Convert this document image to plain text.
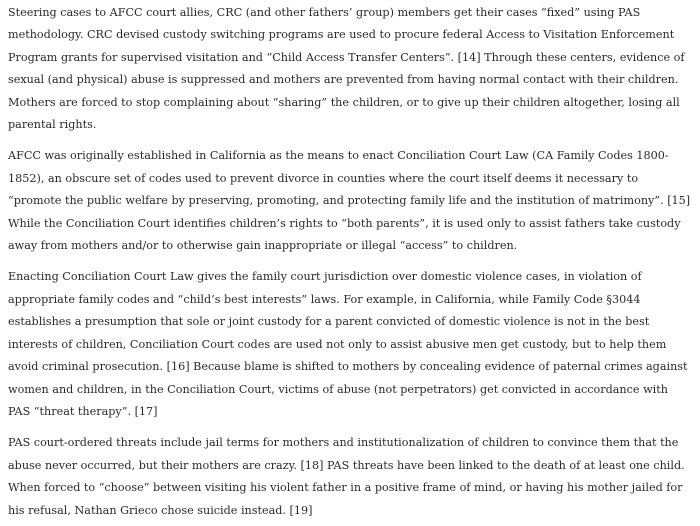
Steering cases to AFCC court allies, CRC (and other fathers’ group) members get their cases “fixed” using PAS methodology. CRC devised custody switching programs are used to procure federal Access to Visitation Enforcement Program grants for supervised visitation and “Child Access Transfer Centers”. [14] Through these centers, evidence of sexual (and physical) abuse is suppressed and mothers are prevented from having normal contact with their children. Mothers are forced to stop complaining about “sharing” the children, or to give up their children altogether, losing all parental rights.

AFCC was originally established in California as the means to enact Conciliation Court Law (CA Family Codes 1800-1852), an obscure set of codes used to prevent divorce in counties where the court itself deems it necessary to “promote the public welfare by preserving, promoting, and protecting family life and the institution of matrimony”. [15] While the Conciliation Court identifies children’s rights to “both parents”, it is used only to assist fathers take custody away from mothers and/or to otherwise gain inappropriate or illegal “access” to children.

Enacting Conciliation Court Law gives the family court jurisdiction over domestic violence cases, in violation of appropriate family codes and “child’s best interests” laws. For example, in California, while Family Code §3044 establishes a presumption that sole or joint custody for a parent convicted of domestic violence is not in the best interests of children, Conciliation Court codes are used not only to assist abusive men get custody, but to help them avoid criminal prosecution. [16] Because blame is shifted to mothers by concealing evidence of paternal crimes against women and children, in the Conciliation Court, victims of abuse (not perpetrators) get convicted in accordance with PAS “threat therapy”. [17]

PAS court-ordered threats include jail terms for mothers and institutionalization of children to convince them that the abuse never occurred, but their mothers are crazy. [18] PAS threats have been linked to the death of at least one child. When forced to “choose” between visiting his violent father in a positive frame of mind, or having his mother jailed for his refusal, Nathan Grieco chose suicide instead. [19]
